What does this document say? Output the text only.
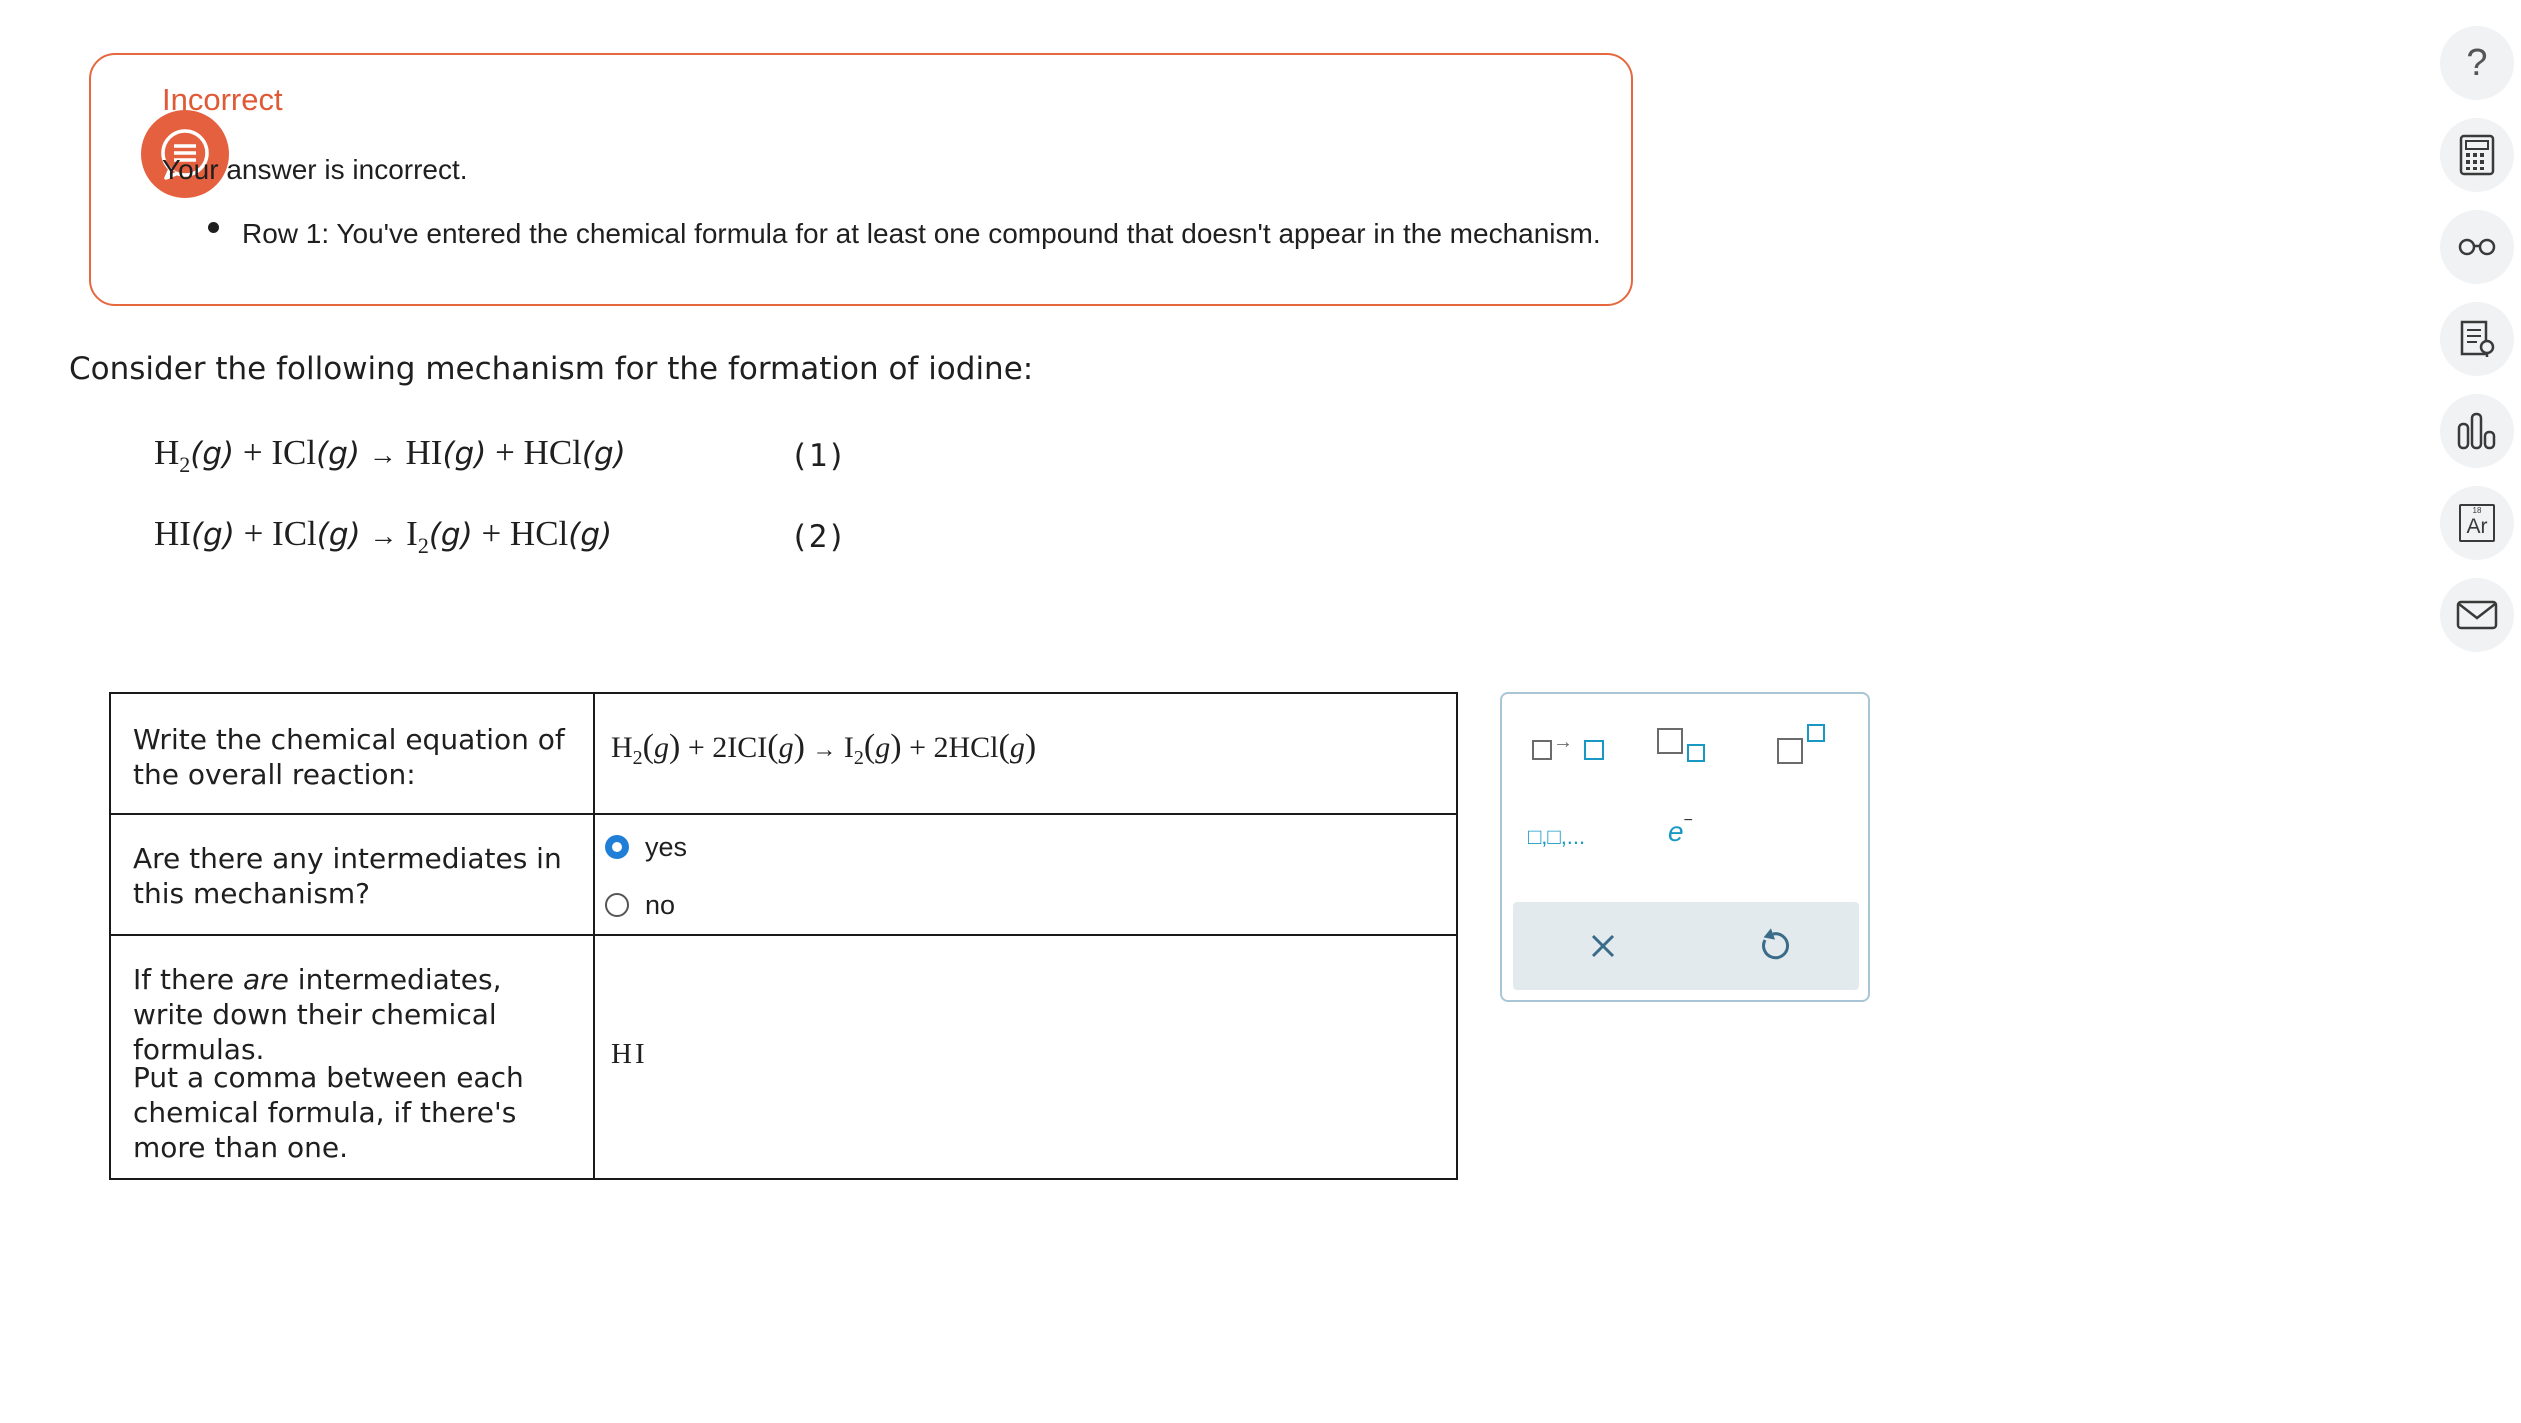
Incorrect
Your answer is incorrect.
Row 1: You've entered the chemical formula for at least one compound that doesn't appear in the mechanism.
Consider the following mechanism for the formation of iodine:
$H_2(g) + ICl(g) \to HI(g) + HCl(g)$	(1)
$HI(g) + ICl(g) \to I_2(g) + HCl(g)$	(2)
Write the chemical equation of the overall reaction:
$H_2(g) + 2ICI(g) \to I_2(g) + 2HCl(g)$
Are there any intermediates in this mechanism?
yes
no
If there are intermediates, write down their chemical formulas.
Put a comma between each chemical formula, if there's more than one.
HI
→
□,□,...	e−
?
18
Ar
